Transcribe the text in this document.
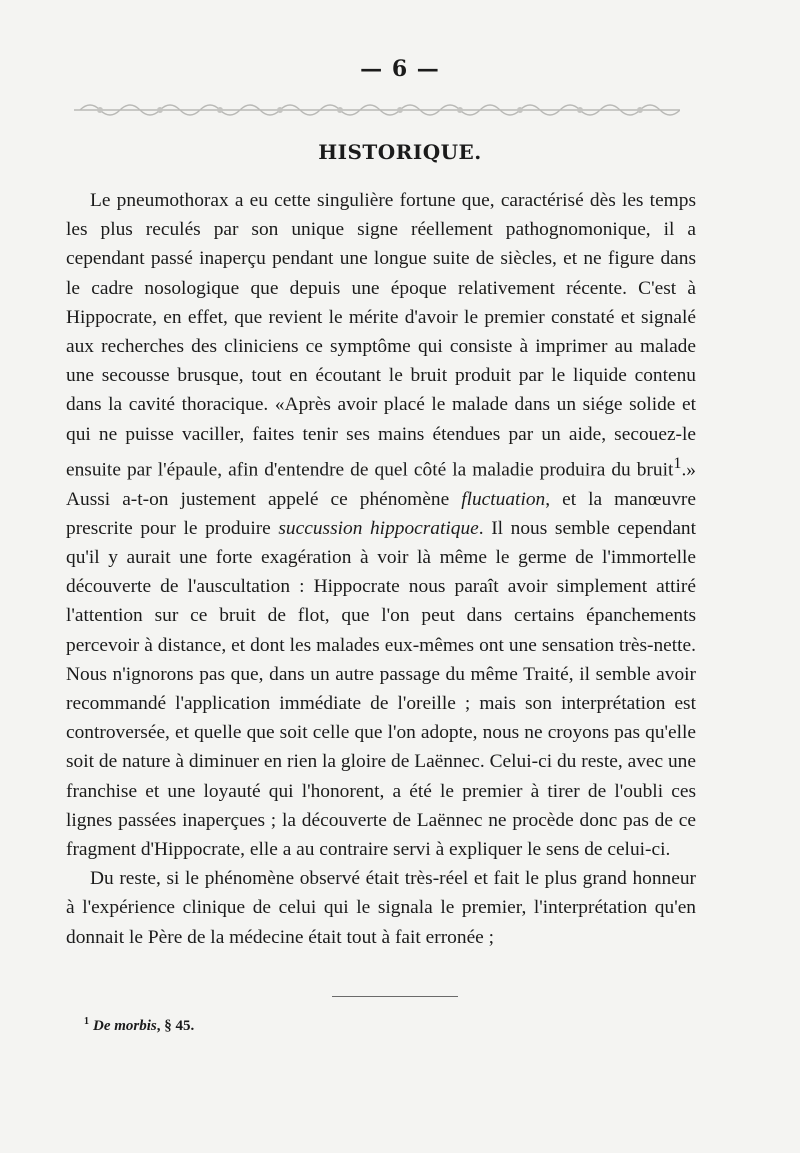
— 6 —
HISTORIQUE.

Le pneumothorax a eu cette singulière fortune que, caractérisé dès les temps les plus reculés par son unique signe réellement pathognomonique, il a cependant passé inaperçu pendant une longue suite de siècles, et ne figure dans le cadre nosologique que depuis une époque relativement récente. C'est à Hippocrate, en effet, que revient le mérite d'avoir le premier constaté et signalé aux recherches des cliniciens ce symptôme qui consiste à imprimer au malade une secousse brusque, tout en écoutant le bruit produit par le liquide contenu dans la cavité thoracique. «Après avoir placé le malade dans un siége solide et qui ne puisse vaciller, faites tenir ses mains étendues par un aide, secouez-le ensuite par l'épaule, afin d'entendre de quel côté la maladie produira du bruit$^1$.» Aussi a-t-on justement appelé ce phénomène fluctuation, et la manœuvre prescrite pour le produire succussion hippocratique. Il nous semble cependant qu'il y aurait une forte exagération à voir là même le germe de l'immortelle découverte de l'auscultation : Hippocrate nous paraît avoir simplement attiré l'attention sur ce bruit de flot, que l'on peut dans certains épanchements percevoir à distance, et dont les malades eux-mêmes ont une sensation très-nette. Nous n'ignorons pas que, dans un autre passage du même Traité, il semble avoir recommandé l'application immédiate de l'oreille ; mais son interprétation est controversée, et quelle que soit celle que l'on adopte, nous ne croyons pas qu'elle soit de nature à diminuer en rien la gloire de Laënnec. Celui-ci du reste, avec une franchise et une loyauté qui l'honorent, a été le premier à tirer de l'oubli ces lignes passées inaperçues ; la découverte de Laënnec ne procède donc pas de ce fragment d'Hippocrate, elle a au contraire servi à expliquer le sens de celui-ci.

Du reste, si le phénomène observé était très-réel et fait le plus grand honneur à l'expérience clinique de celui qui le signala le premier, l'interprétation qu'en donnait le Père de la médecine était tout à fait erronée ;

$^1$ De morbis, § 45.
